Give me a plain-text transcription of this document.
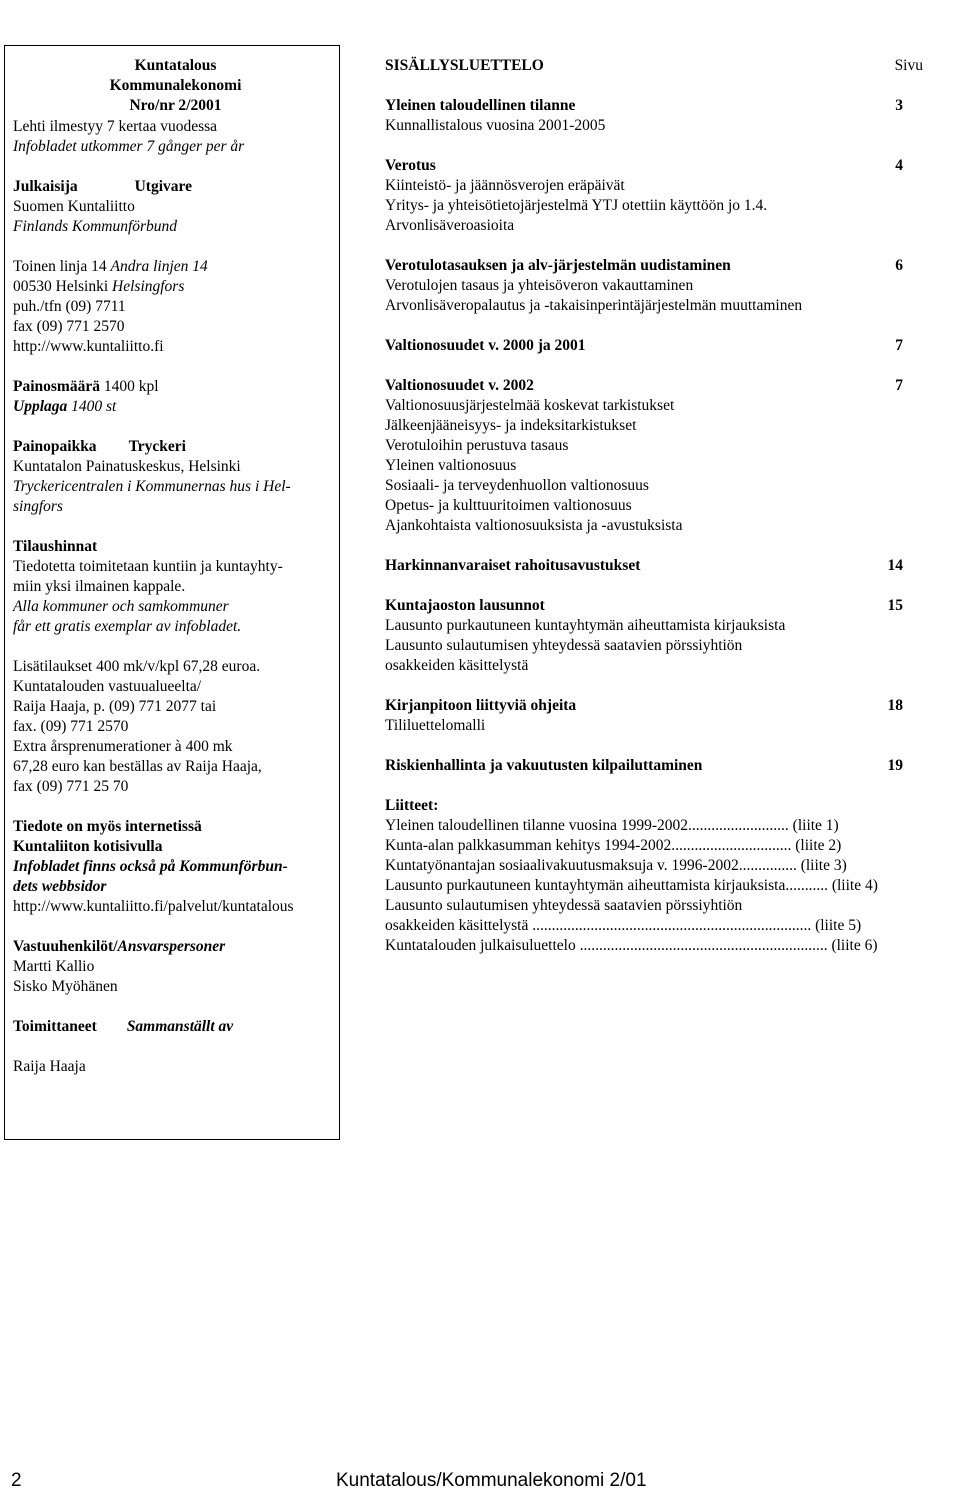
Kuntatalous
Kommunalekonomi
Nro/nr 2/2001
Lehti ilmestyy 7 kertaa vuodessa
Infobladet utkommer 7 gånger per år
Julkaisija	Utgivare
Suomen Kuntaliitto
Finlands Kommunförbund
Toinen linja 14 Andra linjen 14
00530 Helsinki Helsingfors
puh./tfn (09) 7711
fax (09) 771 2570
http://www.kuntaliitto.fi
Painosmäärä 1400 kpl
Upplaga 1400 st
Painopaikka Tryckeri
Kuntatalon Painatuskeskus, Helsinki
Tryckericentralen i Kommunernas hus i Hel-
singfors
Tilaushinnat
Tiedotetta toimitetaan kuntiin ja kuntayhty-
miin yksi ilmainen kappale.
Alla kommuner och samkommuner
får ett gratis exemplar av infobladet.
Lisätilaukset 400 mk/v/kpl 67,28 euroa.
Kuntatalouden vastuualueelta/
Raija Haaja, p. (09) 771 2077 tai
fax. (09) 771 2570
Extra årsprenumerationer à 400 mk
67,28 euro kan beställas av Raija Haaja,
fax (09) 771 25 70
Tiedote on myös internetissä
Kuntaliiton kotisivulla
Infobladet finns också på Kommunförbun-
dets webbsidor
http://www.kuntaliitto.fi/palvelut/kuntatalous
Vastuuhenkilöt/Ansvarspersoner
Martti Kallio
Sisko Myöhänen
Toimittaneet Sammanställt av
Raija Haaja
SISÄLLYSLUETTELO	Sivu
Yleinen taloudellinen tilanne	3
Kunnallistalous vuosina 2001-2005
Verotus	4
Kiinteistö- ja jäännösverojen eräpäivät
Yritys- ja yhteisötietojärjestelmä YTJ otettiin käyttöön jo 1.4.
Arvonlisäveroasioita
Verotulotasauksen ja alv-järjestelmän uudistaminen	6
Verotulojen tasaus ja yhteisöveron vakauttaminen
Arvonlisäveropalautus ja -takaisinperintäjärjestelmän muuttaminen
Valtionosuudet v. 2000 ja 2001	7
Valtionosuudet v. 2002	7
Valtionosuusjärjestelmää koskevat tarkistukset
Jälkeenjääneisyys- ja indeksitarkistukset
Verotuloihin perustuva tasaus
Yleinen valtionosuus
Sosiaali- ja terveydenhuollon valtionosuus
Opetus- ja kulttuuritoimen valtionosuus
Ajankohtaista valtionosuuksista ja -avustuksista
Harkinnanvaraiset rahoitusavustukset	14
Kuntajaoston lausunnot	15
Lausunto purkautuneen kuntayhtymän aiheuttamista kirjauksista
Lausunto sulautumisen yhteydessä saatavien pörssiyhtiön
osakkeiden käsittelystä
Kirjanpitoon liittyviä ohjeita	18
Tililuettelomalli
Riskienhallinta ja vakuutusten kilpailuttaminen	19
Liitteet:
Yleinen taloudellinen tilanne vuosina 1999-2002.......................... (liite 1)
Kunta-alan palkkasumman kehitys 1994-2002............................... (liite 2)
Kuntatyönantajan sosiaalivakuutusmaksuja v. 1996-2002............... (liite 3)
Lausunto purkautuneen kuntayhtymän aiheuttamista kirjauksista........... (liite 4)
Lausunto sulautumisen yhteydessä saatavien pörssiyhtiön
osakkeiden käsittelystä ........................................................................ (liite 5)
Kuntatalouden julkaisuluettelo ................................................................ (liite 6)
2	Kuntatalous/Kommunalekonomi 2/01
